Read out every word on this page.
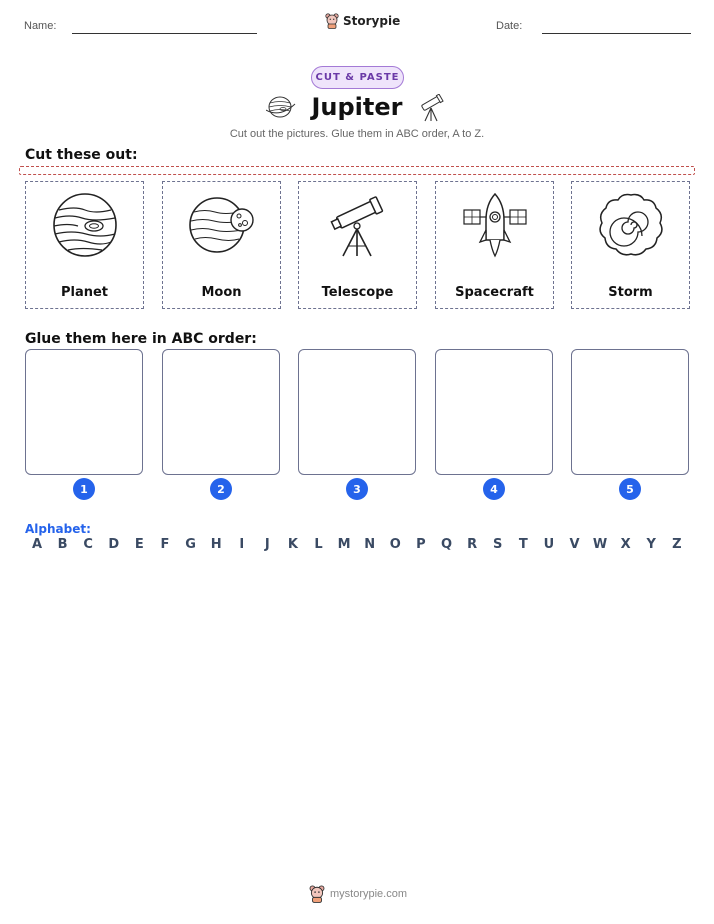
Name:	Storypie	Date:
CUT & PASTE
Jupiter
Cut out the pictures. Glue them in ABC order, A to Z.
Cut these out:
Planet	Moon	Telescope	Spacecraft	Storm
Glue them here in ABC order:
1	2	3	4	5
Alphabet:
A	B	C	D	E	F	G	H	I	J	K	L	M	N	O	P	Q	R	S	T	U	V	W	X	Y	Z
mystorypie.com
